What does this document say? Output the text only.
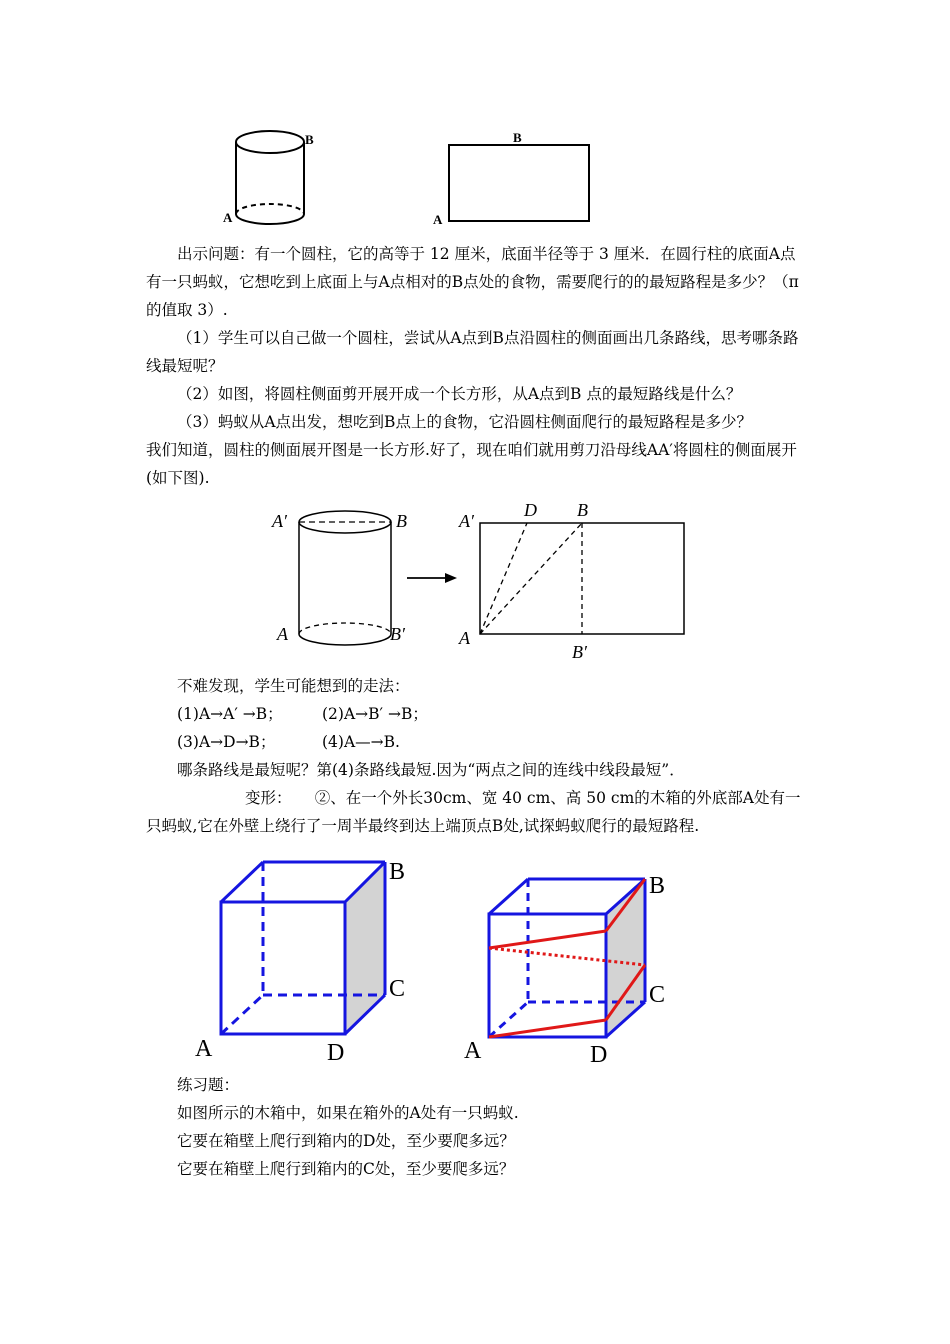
A
B
A
B

出示问题：有一个圆柱，它的高等于 12 厘米，底面半径等于 3 厘米．在圆行柱的底面A点有一只蚂蚁，它想吃到上底面上与A点相对的B点处的食物，需要爬行的的最短路程是多少？（π 的值取 3）.

（1）学生可以自己做一个圆柱，尝试从A点到B点沿圆柱的侧面画出几条路线，思考哪条路线最短呢？

（2）如图，将圆柱侧面剪开展开成一个长方形，从A点到B 点的最短路线是什么？

（3）蚂蚁从A点出发，想吃到B点上的食物，它沿圆柱侧面爬行的最短路程是多少？

我们知道，圆柱的侧面展开图是一长方形.好了，现在咱们就用剪刀沿母线AA′将圆柱的侧面展开(如下图).

A′	B
A	B′
A′
D B
A
B′

不难发现，学生可能想到的走法：

(1)A→A′ →B；	(2)A→B′ →B；

(3)A→D→B；	(4)A—→B.

哪条路线是最短呢？第(4)条路线最短.因为“两点之间的连线中线段最短”．

变形：　　②、在一个外长30cm、宽 40 cm、高 50 cm的木箱的外底部A处有一只蚂蚁,它在外壁上绕行了一周半最终到达上端顶点B处,试探蚂蚁爬行的最短路程.

B
C
A	D
B
C
A	D

练习题：

如图所示的木箱中，如果在箱外的A处有一只蚂蚁.

它要在箱壁上爬行到箱内的D处，至少要爬多远？

它要在箱壁上爬行到箱内的C处，至少要爬多远？
